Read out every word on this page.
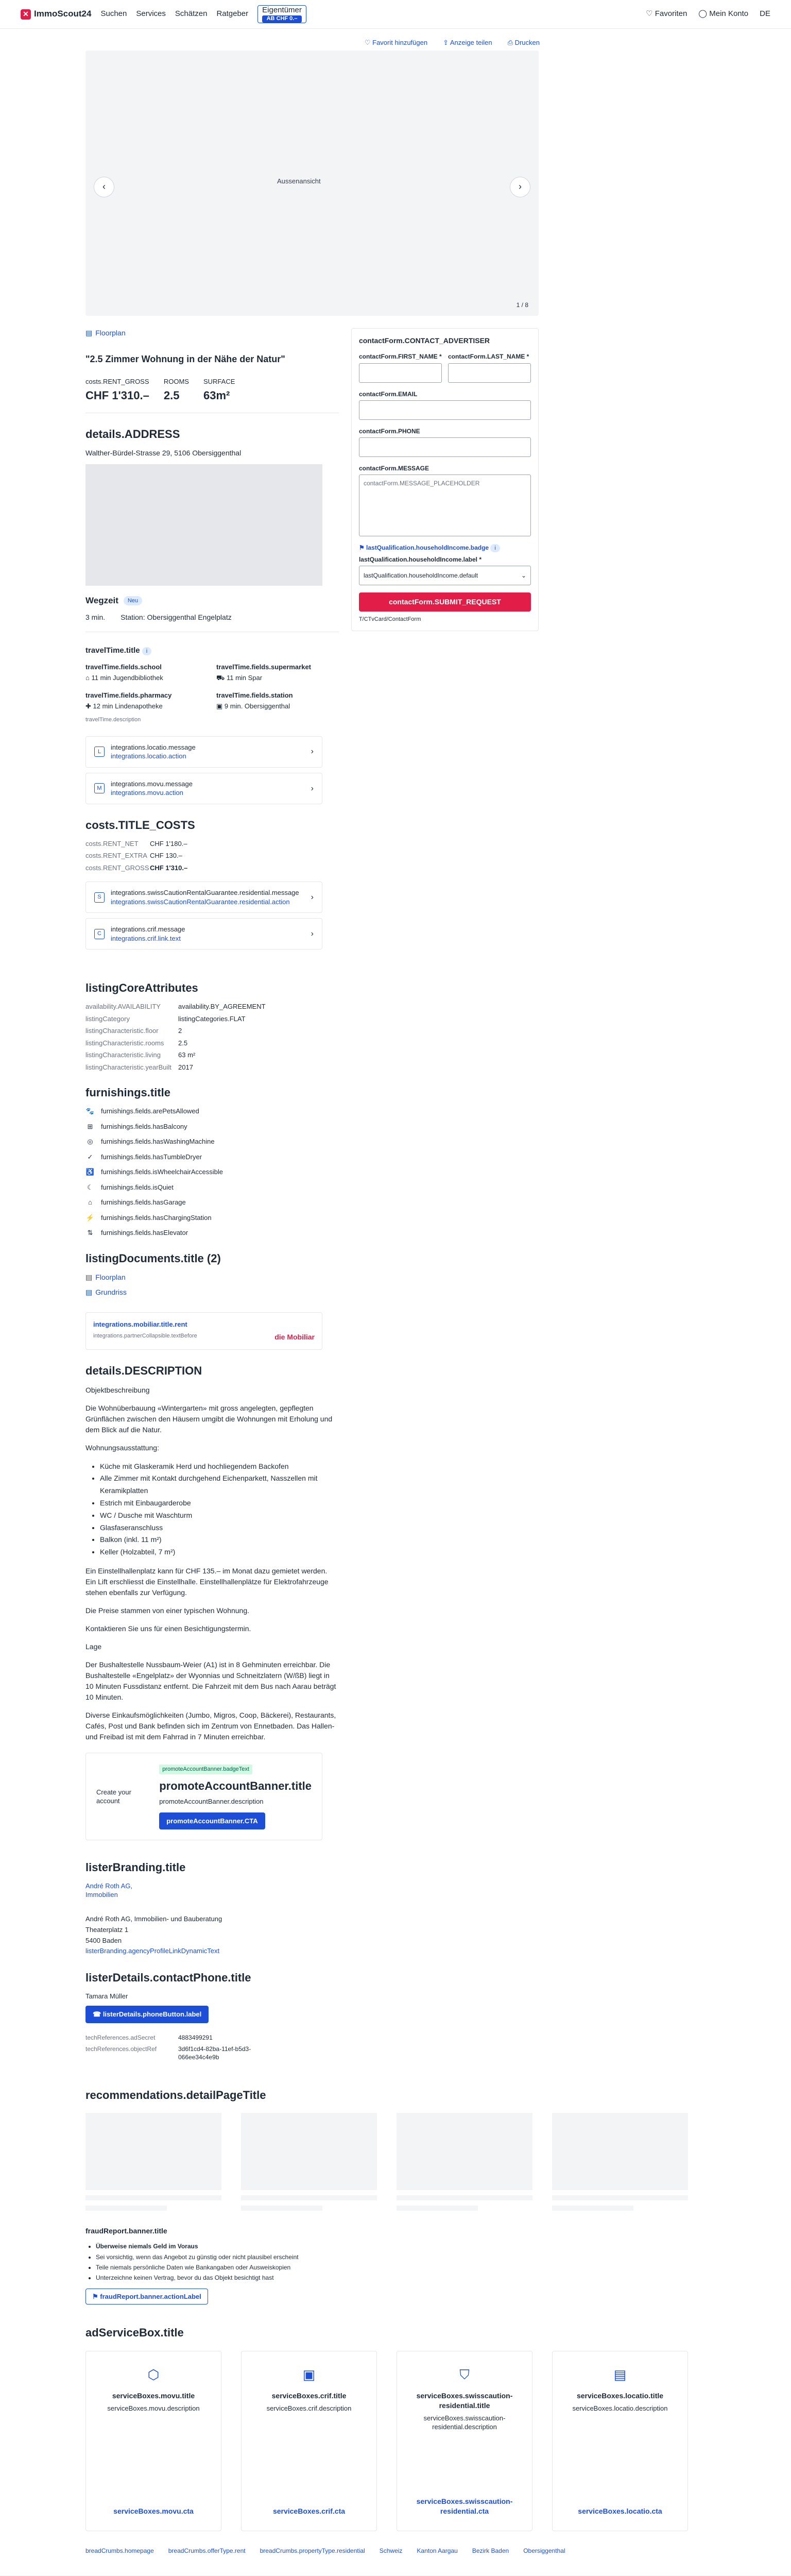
✕ ImmoScout24 Suchen Services Schätzen Ratgeber	Eigentümer
AB CHF 0.–
♡ Favoriten ◯ Mein Konto DE
♡ Favorit hinzufügen ⇪ Anzeige teilen ⎙ Drucken
Aussenansicht
‹	›
1 / 8
▤ Floorplan
"2.5 Zimmer Wohnung in der Nähe der Natur"
costs.RENT_GROSS
CHF 1'310.–
ROOMS
2.5
SURFACE
63m²
details.ADDRESS
Walther-Bürdel-Strasse 29, 5106 Obersiggenthal
Wegzeit	Neu
3 min. Station: Obersiggenthal Engelplatz
travelTime.title i
travelTime.fields.school
⌂ 11 min Jugendbibliothek
travelTime.fields.supermarket
⛟ 11 min Spar
travelTime.fields.pharmacy
✚ 12 min Lindenapotheke
travelTime.fields.station
▣ 9 min. Obersiggenthal
travelTime.description
L
integrations.locatio.message
integrations.locatio.action
›
M
integrations.movu.message
integrations.movu.action
›
costs.TITLE_COSTS
costs.RENT_NET	CHF 1'180.–
costs.RENT_EXTRA CHF 130.–
costs.RENT_GROSS CHF 1'310.–
S
integrations.swissCautionRentalGuarantee.residential.message
integrations.swissCautionRentalGuarantee.residential.action
›
C
integrations.crif.message
integrations.crif.link.text
›
listingCoreAttributes
availability.AVAILABILITY	availability.BY_AGREEMENT
listingCategory	listingCategories.FLAT
listingCharacteristic.floor	2
listingCharacteristic.rooms	2.5
listingCharacteristic.living	63 m²
listingCharacteristic.yearBuilt	2017
furnishings.title
🐾 furnishings.fields.arePetsAllowed
⊞ furnishings.fields.hasBalcony
◎ furnishings.fields.hasWashingMachine
✓ furnishings.fields.hasTumbleDryer
♿ furnishings.fields.isWheelchairAccessible
☾ furnishings.fields.isQuiet
⌂	furnishings.fields.hasGarage
⚡ furnishings.fields.hasChargingStation
⇅ furnishings.fields.hasElevator
listingDocuments.title (2)
▤ Floorplan
▤ Grundriss
integrations.mobiliar.title.rent
integrations.partnerCollapsible.textBefore	die Mobiliar
details.DESCRIPTION
Objektbeschreibung
Die Wohnüberbauung «Wintergarten» mit gross angelegten, gepflegten Grünflächen zwischen den Häusern umgibt die Wohnungen mit Erholung und dem Blick auf die Natur.
Wohnungsausstattung:
• Küche mit Glaskeramik Herd und hochliegendem Backofen
• Alle Zimmer mit Kontakt durchgehend Eichenparkett, Nasszellen mit Keramikplatten
• Estrich mit Einbaugarderobe
• WC / Dusche mit Waschturm
• Glasfaseranschluss
• Balkon (inkl. 11 m²)
• Keller (Holzabteil, 7 m²)
Ein Einstellhallenplatz kann für CHF 135.– im Monat dazu gemietet werden. Ein Lift erschliesst die Einstellhalle. Einstellhallenplätze für Elektrofahrzeuge stehen ebenfalls zur Verfügung.
Die Preise stammen von einer typischen Wohnung.
Kontaktieren Sie uns für einen Besichtigungstermin.
Lage
Der Bushaltestelle Nussbaum-Weier (A1) ist in 8 Gehminuten erreichbar. Die Bushaltestelle «Engelplatz» der Wyonnias und Schneitzlatern (W/ßB) liegt in 10 Minuten Fussdistanz entfernt. Die Fahrzeit mit dem Bus nach Aarau beträgt 10 Minuten.
Diverse Einkaufsmöglichkeiten (Jumbo, Migros, Coop, Bäckerei), Restaurants, Cafés, Post und Bank befinden sich im Zentrum von Ennetbaden. Das Hallen- und Freibad ist mit dem Fahrrad in 7 Minuten erreichbar.
Create your account
promoteAccountBanner.badgeText
promoteAccountBanner.title
promoteAccountBanner.description
promoteAccountBanner.CTA
listerBranding.title
André Roth AG, Immobilien
André Roth AG, Immobilien- und Bauberatung
Theaterplatz 1
5400 Baden
listerBranding.agencyProfileLinkDynamicText
listerDetails.contactPhone.title
Tamara Müller
☎ listerDetails.phoneButton.label
techReferences.adSecret	4883499291
techReferences.objectRef	3d6f1cd4-82ba-11ef-b5d3-066ee34c4e9b
contactForm.CONTACT_ADVERTISER
contactForm.FIRST_NAME * contactForm.LAST_NAME *
contactForm.EMAIL
contactForm.PHONE
contactForm.MESSAGE
contactForm.MESSAGE_PLACEHOLDER
⚑ lastQualification.householdIncome.badge i
lastQualification.householdIncome.label *
lastQualification.householdIncome.default	⌄
contactForm.SUBMIT_REQUEST
T/CTvCard/ContactForm
recommendations.detailPageTitle
fraudReport.banner.title
• Überweise niemals Geld im Voraus
• Sei vorsichtig, wenn das Angebot zu günstig oder nicht plausibel erscheint
• Teile niemals persönliche Daten wie Bankangaben oder Ausweiskopien
• Unterzeichne keinen Vertrag, bevor du das Objekt besichtigt hast
⚑ fraudReport.banner.actionLabel
adServiceBox.title
⬡
serviceBoxes.movu.title

serviceBoxes.movu.description

serviceBoxes.movu.cta
▣
serviceBoxes.crif.title

serviceBoxes.crif.description

serviceBoxes.crif.cta
⛉
serviceBoxes.swisscaution-residential.title

serviceBoxes.swisscaution-residential.description

serviceBoxes.swisscaution-residential.cta
▤
serviceBoxes.locatio.title

serviceBoxes.locatio.description

serviceBoxes.locatio.cta
breadCrumbs.homepage breadCrumbs.offerType.rent breadCrumbs.propertyType.residential Schweiz Kanton Aargau Bezirk Baden Obersiggenthal
